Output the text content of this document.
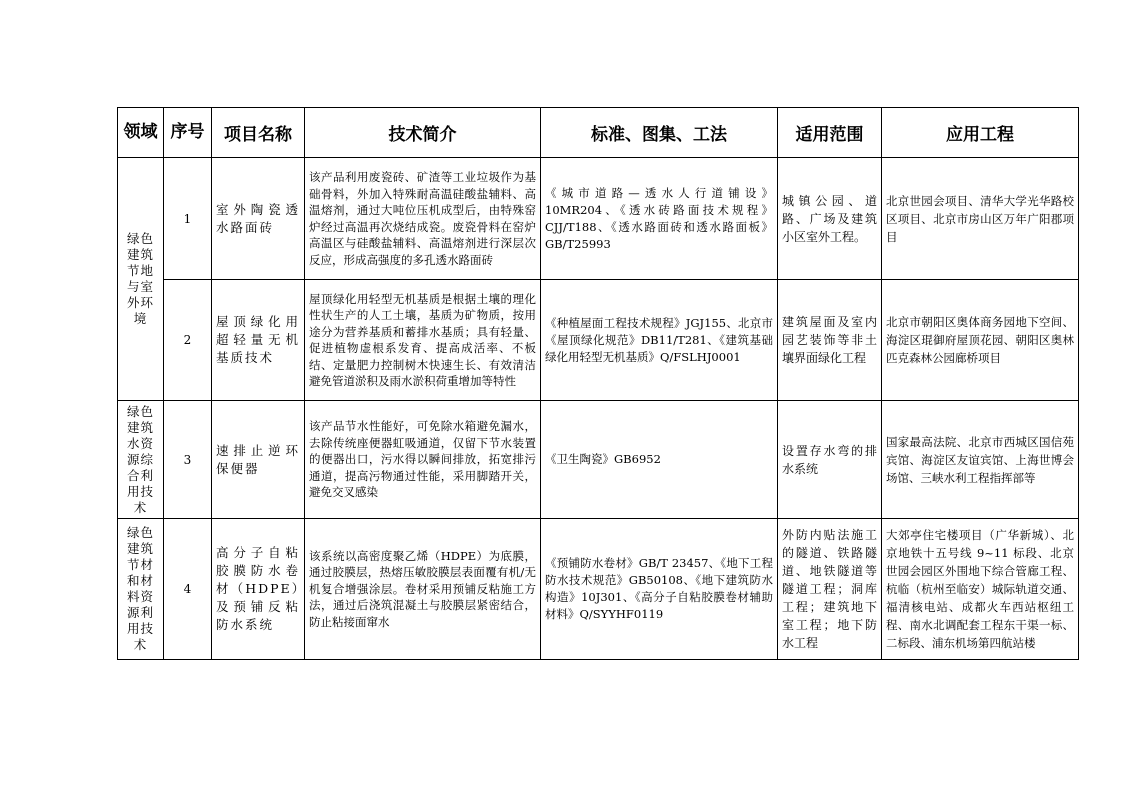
领域	序号	项目名称	技术简介	标准、图集、工法	适用范围	应用工程
绿色建筑节地与室外环境	1	室外陶瓷透水路面砖	该产品利用废瓷砖、矿渣等工业垃圾作为基础骨料，外加入特殊耐高温硅酸盐辅料、高温熔剂，通过大吨位压机成型后，由特殊窑炉经过高温再次烧结成瓷。废瓷骨料在窑炉高温区与硅酸盐辅料、高温熔剂进行深层次反应，形成高强度的多孔透水路面砖	《城市道路—透水人行道铺设》10MR204、《透水砖路面技术规程》CJJ/T188、《透水路面砖和透水路面板》GB/T25993	城镇公园、道路、广场及建筑小区室外工程。	北京世园会项目、清华大学光华路校区项目、北京市房山区万年广阳郡项目
	2	屋顶绿化用超轻量无机基质技术	屋顶绿化用轻型无机基质是根据土壤的理化性状生产的人工土壤，基质为矿物质，按用途分为营养基质和蓄排水基质；具有轻量、促进植物虚根系发育、提高成活率、不板结、定量肥力控制树木快速生长、有效清洁避免管道淤积及雨水淤积荷重增加等特性	《种植屋面工程技术规程》JGJ155、北京市《屋顶绿化规范》DB11/T281、《建筑基础绿化用轻型无机基质》Q/FSLHJ0001	建筑屋面及室内园艺装饰等非土壤界面绿化工程	北京市朝阳区奥体商务园地下空间、海淀区琨御府屋顶花园、朝阳区奥林匹克森林公园廊桥项目
绿色建筑水资源综合利用技术	3	速排止逆环保便器	该产品节水性能好，可免除水箱避免漏水，去除传统座便器虹吸通道，仅留下节水装置的便器出口，污水得以瞬间排放，拓宽排污通道，提高污物通过性能，采用脚踏开关，避免交叉感染	《卫生陶瓷》GB6952	设置存水弯的排水系统	国家最高法院、北京市西城区国信苑宾馆、海淀区友谊宾馆、上海世博会场馆、三峡水利工程指挥部等
绿色建筑节材和材料资源利用技术	4	高分子自粘胶膜防水卷材（HDPE）及预铺反粘防水系统	该系统以高密度聚乙烯（HDPE）为底膜，通过胶膜层，热熔压敏胶膜层表面覆有机/无机复合增强涂层。卷材采用预铺反粘施工方法，通过后浇筑混凝土与胶膜层紧密结合，防止粘接面窜水	《预铺防水卷材》GB/T 23457、《地下工程防水技术规范》GB50108、《地下建筑防水构造》10J301、《高分子自粘胶膜卷材辅助材料》Q/SYYHF0119	外防内贴法施工的隧道、铁路隧道、地铁隧道等隧道工程；洞库工程；建筑地下室工程；地下防水工程	大郊亭住宅楼项目（广华新城）、北京地铁十五号线 9~11 标段、北京世园会园区外围地下综合管廊工程、杭临（杭州至临安）城际轨道交通、福清核电站、成都火车西站枢纽工程、南水北调配套工程东干渠一标、二标段、浦东机场第四航站楼
